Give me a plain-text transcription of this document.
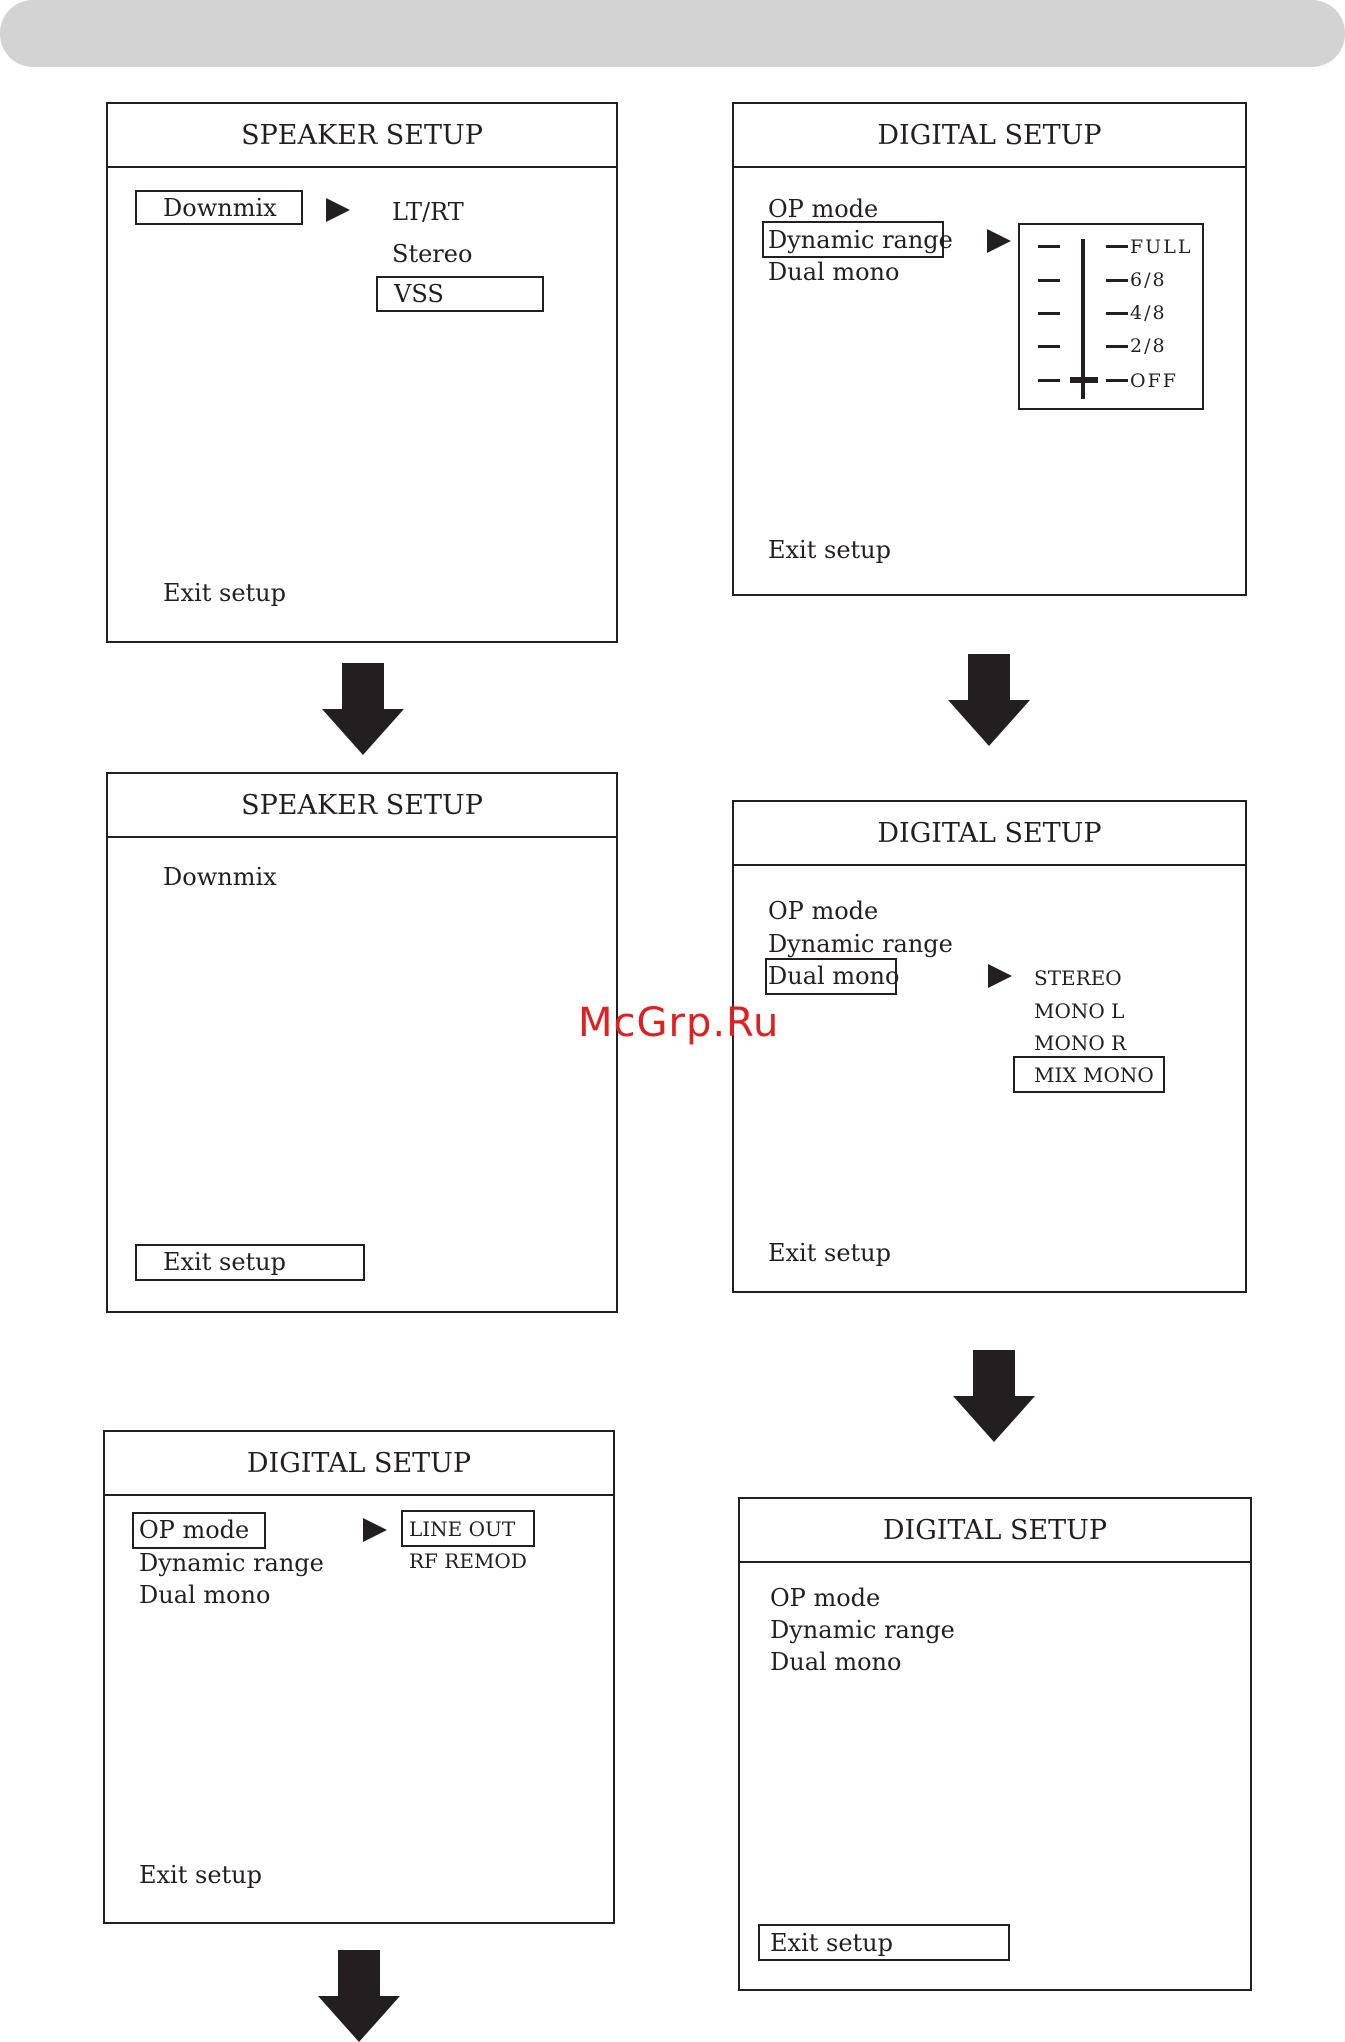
SPEAKER SETUP
Downmix	LT/RT
Stereo
VSS
Exit setup
SPEAKER SETUP
Downmix
Exit setup
DIGITAL SETUP
OP mode
Dynamic range
Dual mono
LINE OUT
RF REMOD
Exit setup
DIGITAL SETUP
OP mode
Dynamic range
Dual mono
Exit setup
FULL
6/8
4/8
2/8
OFF
DIGITAL SETUP
OP mode
Dynamic range
Dual mono	STEREO
MONO L
MONO R
MIX MONO
Exit setup
DIGITAL SETUP
OP mode
Dynamic range
Dual mono
Exit setup
McGrp.Ru
